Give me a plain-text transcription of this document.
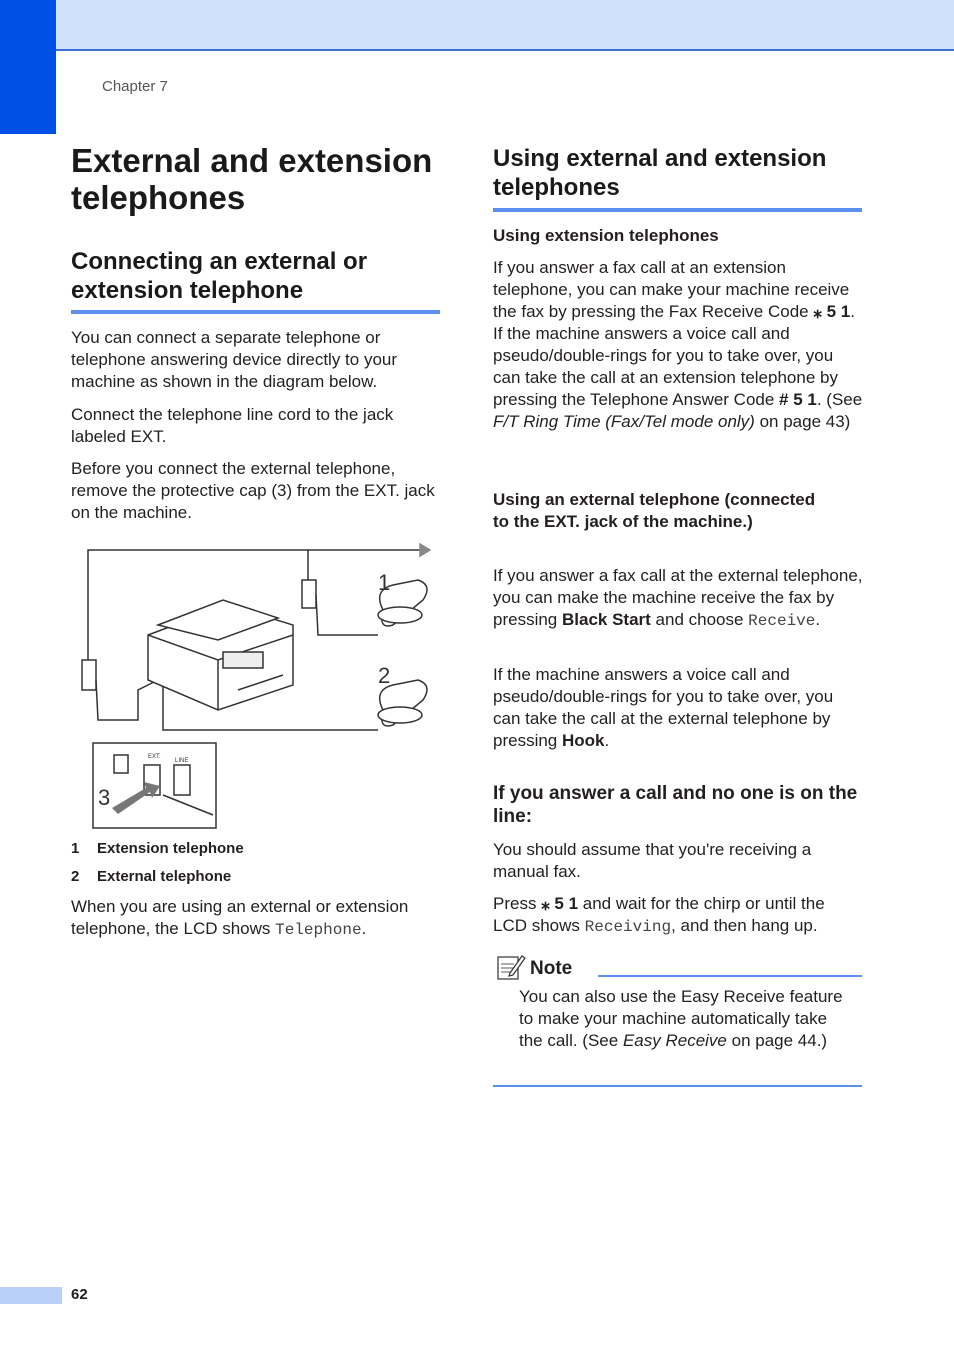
Chapter 7
External and extension telephones
Connecting an external or extension telephone

You can connect a separate telephone or telephone answering device directly to your machine as shown in the diagram below.

Connect the telephone line cord to the jack labeled EXT.

Before you connect the external telephone, remove the protective cap (3) from the EXT. jack on the machine.

1
2
3
EXT.
LINE
1 Extension telephone
2 External telephone

When you are using an external or extension telephone, the LCD shows Telephone.

Using external and extension telephones
Using extension telephones

If you answer a fax call at an extension telephone, you can make your machine receive the fax by pressing the Fax Receive Code ⁎ 5 1.
If the machine answers a voice call and pseudo/double-rings for you to take over, you can take the call at an extension telephone by pressing the Telephone Answer Code # 5 1. (See F/T Ring Time (Fax/Tel mode only) on page 43)

Using an external telephone (connected to the EXT. jack of the machine.)

If you answer a fax call at the external telephone, you can make the machine receive the fax by pressing Black Start and choose Receive.

If the machine answers a voice call and pseudo/double-rings for you to take over, you can take the call at the external telephone by pressing Hook.

If you answer a call and no one is on the line:

You should assume that you're receiving a manual fax.

Press ⁎ 5 1 and wait for the chirp or until the LCD shows Receiving, and then hang up.

Note

You can also use the Easy Receive feature to make your machine automatically take the call. (See Easy Receive on page 44.)

62
